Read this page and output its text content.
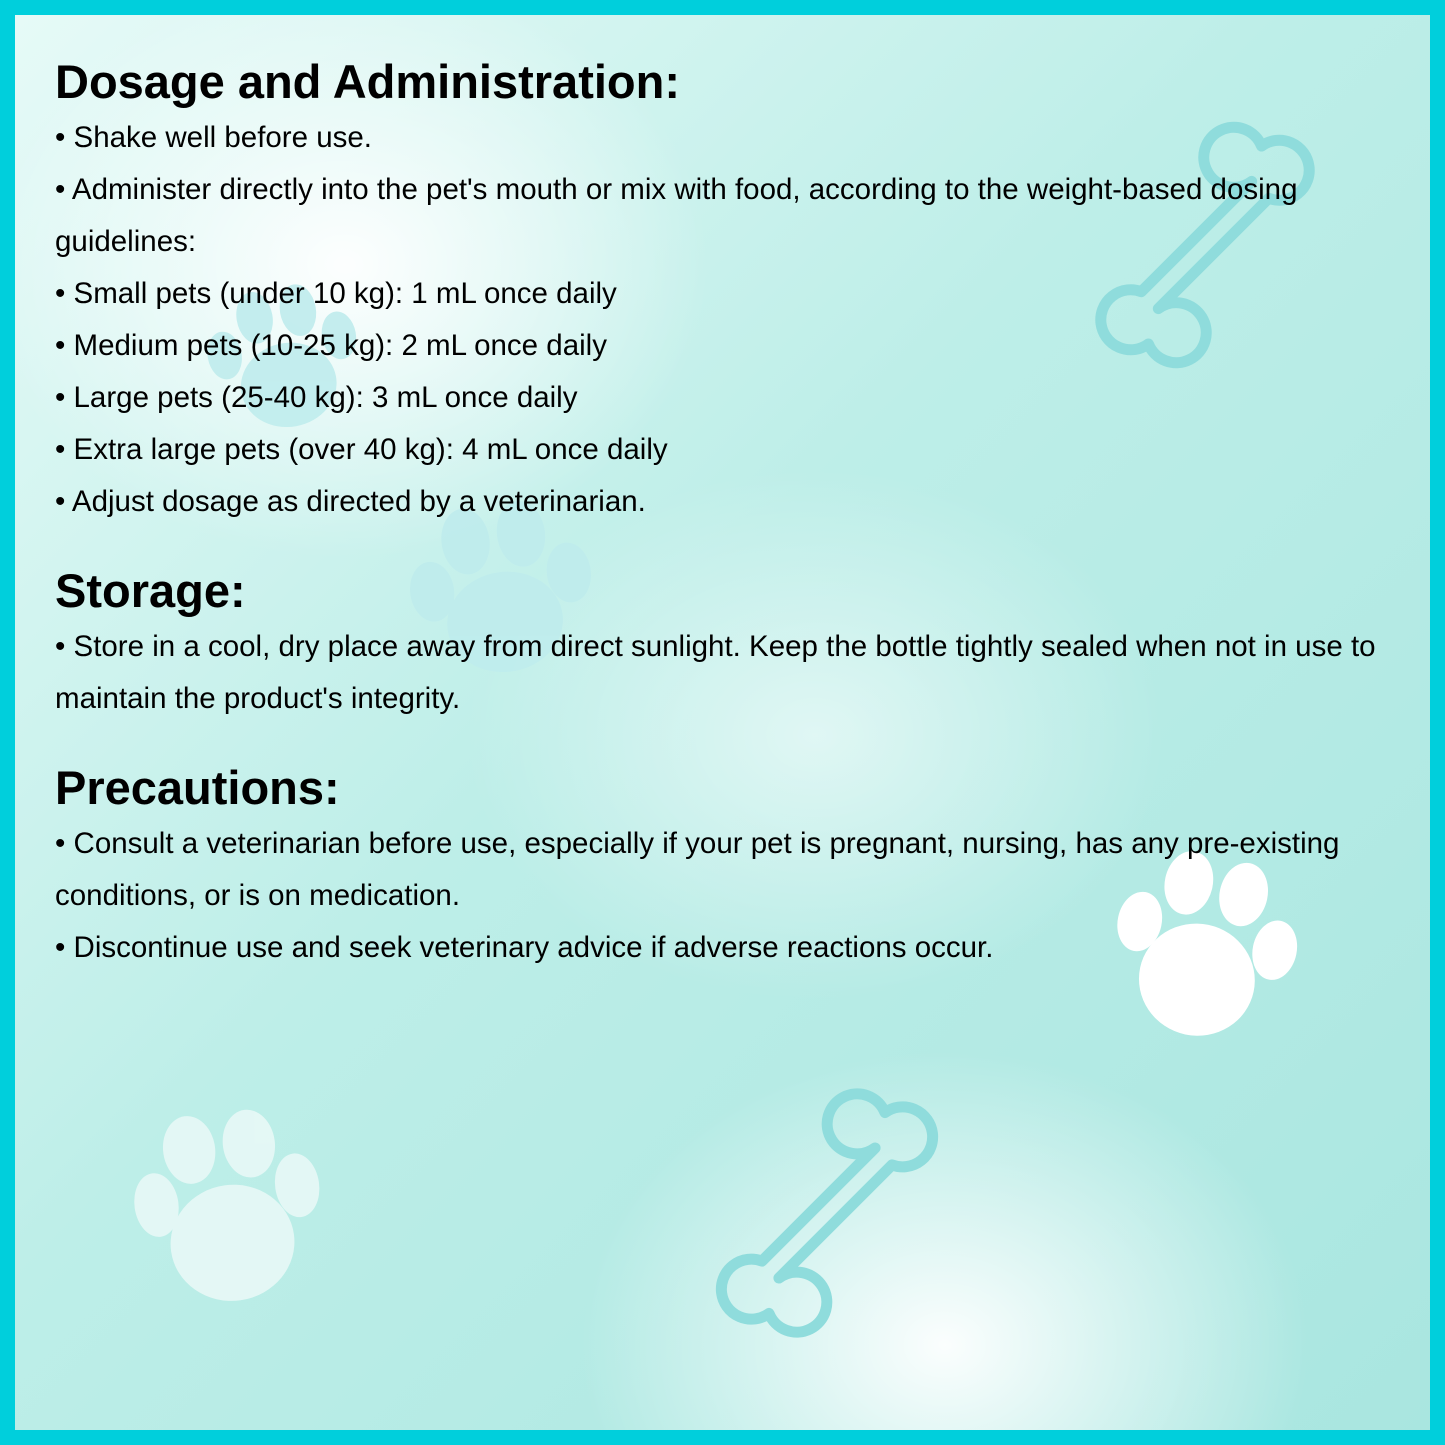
Dosage and Administration:

• Shake well before use.

• Administer directly into the pet's mouth or mix with food, according to the weight-based dosing guidelines:

• Small pets (under 10 kg): 1 mL once daily

• Medium pets (10-25 kg): 2 mL once daily

• Large pets (25-40 kg): 3 mL once daily

• Extra large pets (over 40 kg): 4 mL once daily

• Adjust dosage as directed by a veterinarian.

Storage:

• Store in a cool, dry place away from direct sunlight. Keep the bottle tightly sealed when not in use to maintain the product's integrity.

Precautions:

• Consult a veterinarian before use, especially if your pet is pregnant, nursing, has any pre-existing conditions, or is on medication.

• Discontinue use and seek veterinary advice if adverse reactions occur.
